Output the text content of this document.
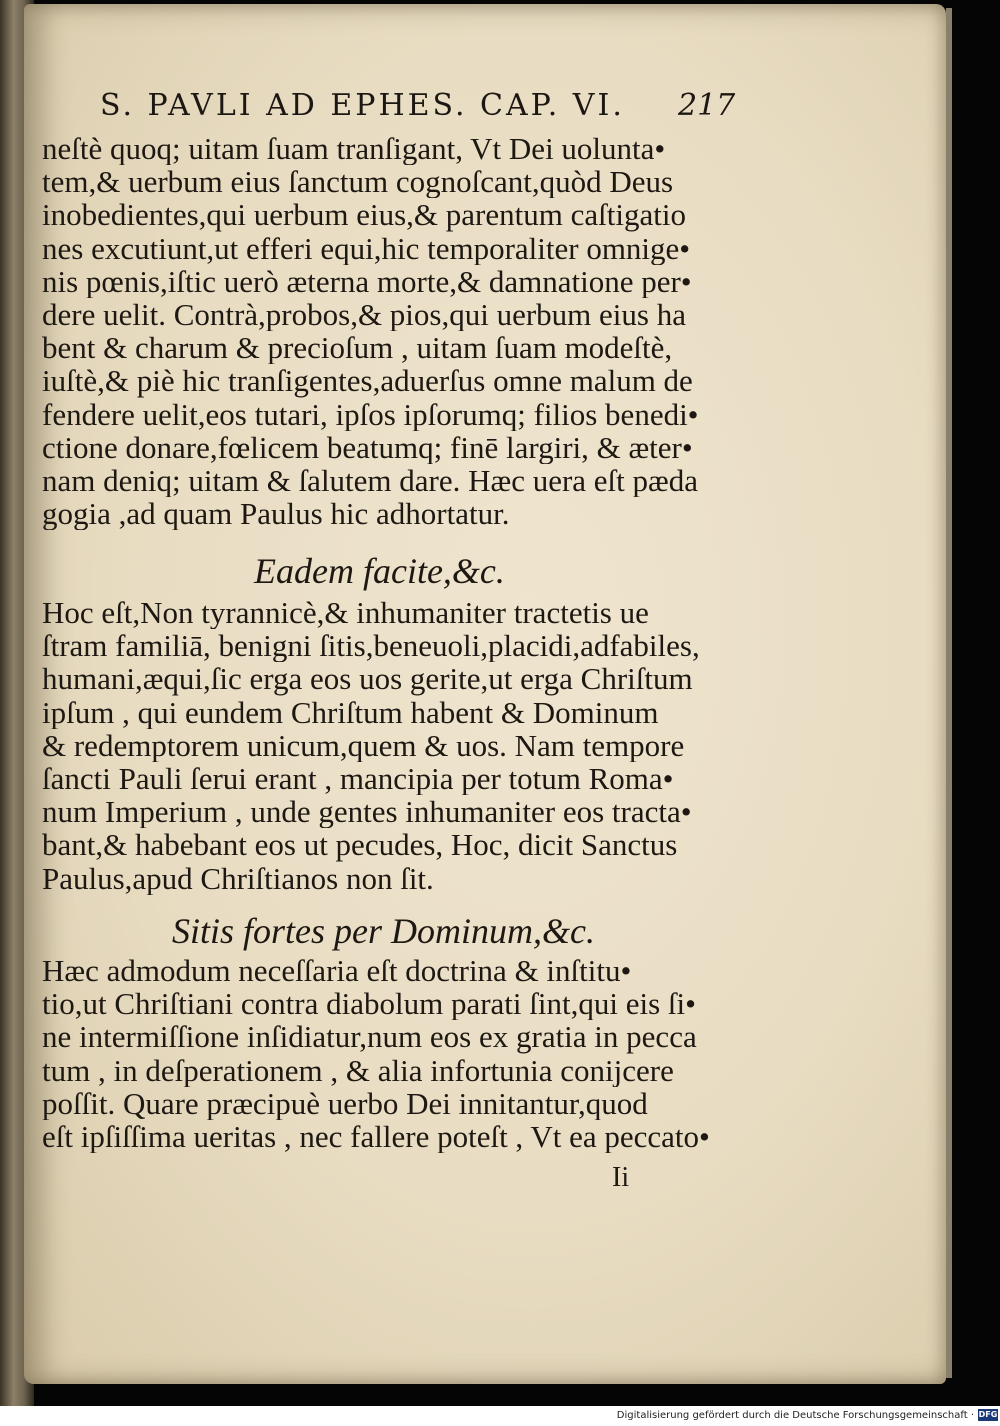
S. PAVLI AD EPHES. CAP. VI. 217
neſtè quoq; uitam ſuam tranſigant, Vt Dei uolunta•
tem,& uerbum eius ſanctum cognoſcant,quòd Deus
inobedientes,qui uerbum eius,& parentum caſtigatio
nes excutiunt,ut efferi equi,hic temporaliter omnige•
nis pœnis,iſtic uerò æterna morte,& damnatione per•
dere uelit. Contrà,probos,& pios,qui uerbum eius ha
bent & charum & precioſum , uitam ſuam modeſtè,
iuſtè,& piè hic tranſigentes,aduerſus omne malum de
fendere uelit,eos tutari, ipſos ipſorumq; filios benedi•
ctione donare,fœlicem beatumq; finē largiri, & æter•
nam deniq; uitam & ſalutem dare. Hæc uera eſt pæda
gogia ,ad quam Paulus hic adhortatur.
Eadem facite,&c.
Hoc eſt,Non tyrannicè,& inhumaniter tractetis ue
ſtram familiā, benigni ſitis,beneuoli,placidi,adfabiles,
humani,æqui,ſic erga eos uos gerite,ut erga Chriſtum
ipſum , qui eundem Chriſtum habent & Dominum
& redemptorem unicum,quem & uos. Nam tempore
ſancti Pauli ſerui erant , mancipia per totum Roma•
num Imperium , unde gentes inhumaniter eos tracta•
bant,& habebant eos ut pecudes, Hoc, dicit Sanctus
Paulus,apud Chriſtianos non ſit.
Sitis fortes per Dominum,&c.
Hæc admodum neceſſaria eſt doctrina & inſtitu•
tio,ut Chriſtiani contra diabolum parati ſint,qui eis ſi•
ne intermiſſione inſidiatur,num eos ex gratia in pecca
tum , in deſperationem , & alia infortunia conijcere
poſſit. Quare præcipuè uerbo Dei innitantur,quod
eſt ipſiſſima ueritas , nec fallere poteſt , Vt ea peccato•
Ii
Digitalisierung gefördert durch die Deutsche Forschungsgemeinschaft · DFG
